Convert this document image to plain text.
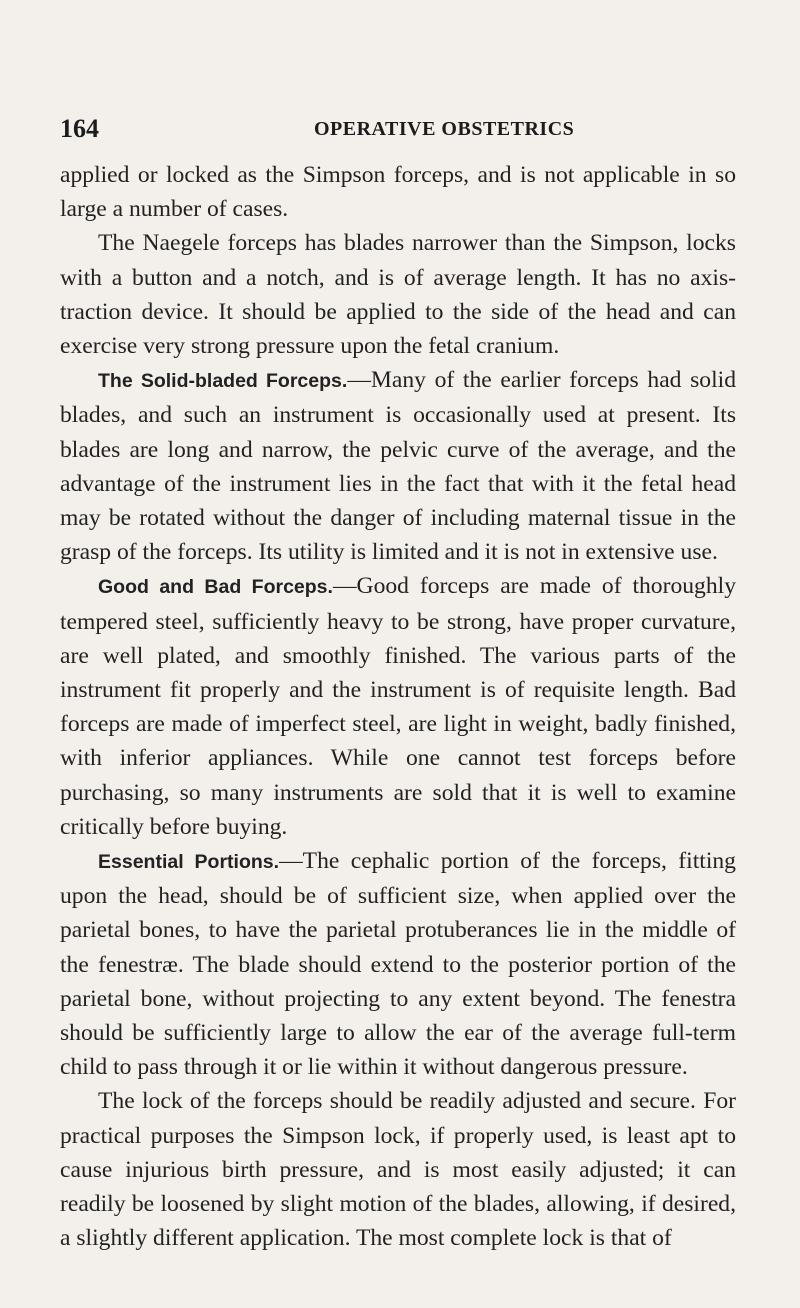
164	OPERATIVE OBSTETRICS

applied or locked as the Simpson forceps, and is not applicable in so large a number of cases.

The Naegele forceps has blades narrower than the Simpson, locks with a button and a notch, and is of average length. It has no axis-traction device. It should be applied to the side of the head and can exercise very strong pressure upon the fetal cranium.

The Solid-bladed Forceps.—Many of the earlier forceps had solid blades, and such an instrument is occasionally used at present. Its blades are long and narrow, the pelvic curve of the average, and the advantage of the instrument lies in the fact that with it the fetal head may be rotated without the danger of including maternal tissue in the grasp of the forceps. Its utility is limited and it is not in extensive use.

Good and Bad Forceps.—Good forceps are made of thoroughly tempered steel, sufficiently heavy to be strong, have proper curvature, are well plated, and smoothly finished. The various parts of the instrument fit properly and the instrument is of requisite length. Bad forceps are made of imperfect steel, are light in weight, badly finished, with inferior appliances. While one cannot test forceps before purchasing, so many instruments are sold that it is well to examine critically before buying.

Essential Portions.—The cephalic portion of the forceps, fitting upon the head, should be of sufficient size, when applied over the parietal bones, to have the parietal protuberances lie in the middle of the fenestræ. The blade should extend to the posterior portion of the parietal bone, without projecting to any extent beyond. The fenestra should be sufficiently large to allow the ear of the average full-term child to pass through it or lie within it without dangerous pressure.

The lock of the forceps should be readily adjusted and secure. For practical purposes the Simpson lock, if properly used, is least apt to cause injurious birth pressure, and is most easily adjusted; it can readily be loosened by slight motion of the blades, allowing, if desired, a slightly different application. The most complete lock is that of
